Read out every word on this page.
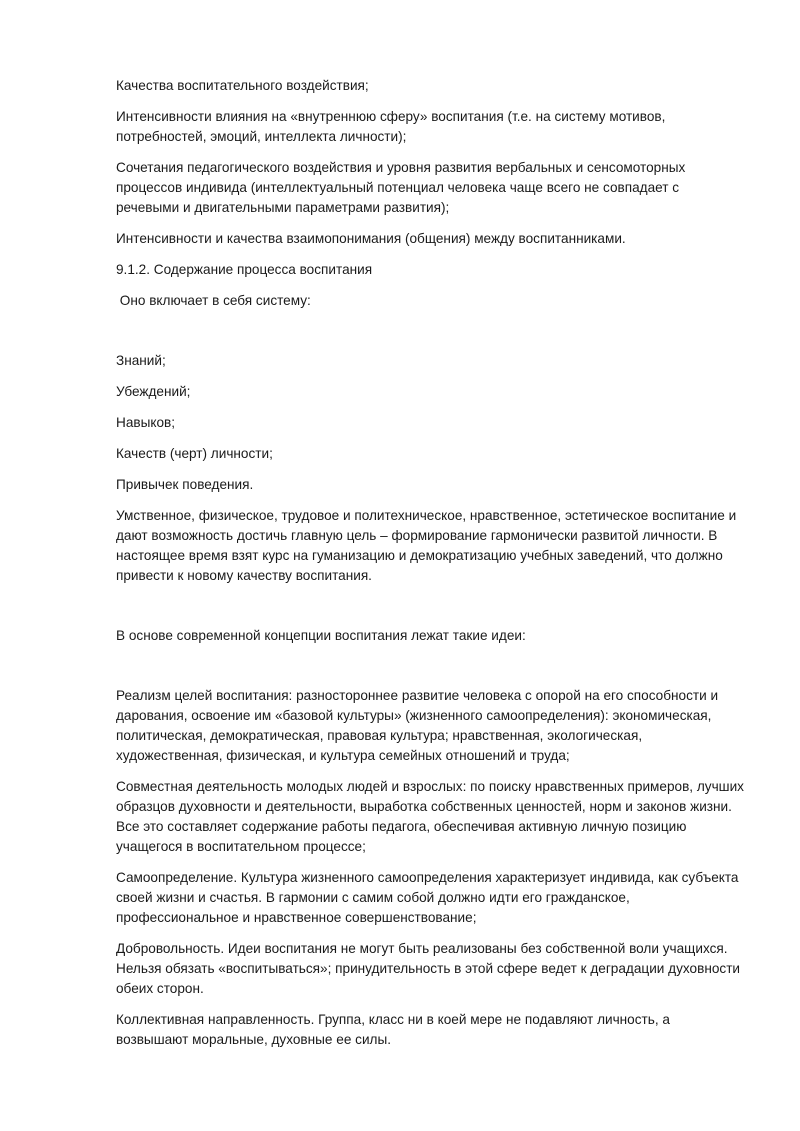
Качества воспитательного воздействия;

Интенсивности влияния на «внутреннюю сферу» воспитания (т.е. на систему мотивов, потребностей, эмоций, интеллекта личности);

Сочетания педагогического воздействия и уровня развития вербальных и сенсомоторных процессов индивида (интеллектуальный потенциал человека чаще всего не совпадает с речевыми и двигательными параметрами развития);

Интенсивности и качества взаимопонимания (общения) между воспитанниками.

9.1.2. Содержание процесса воспитания

Оно включает в себя систему:

Знаний;

Убеждений;

Навыков;

Качеств (черт) личности;

Привычек поведения.

Умственное, физическое, трудовое и политехническое, нравственное, эстетическое воспитание и дают возможность достичь главную цель – формирование гармонически развитой личности. В настоящее время взят курс на гуманизацию и демократизацию учебных заведений, что должно привести к новому качеству воспитания.

В основе современной концепции воспитания лежат такие идеи:

Реализм целей воспитания: разностороннее развитие человека с опорой на его способности и дарования, освоение им «базовой культуры» (жизненного самоопределения): экономическая, политическая, демократическая, правовая культура; нравственная, экологическая, художественная, физическая, и культура семейных отношений и труда;

Совместная деятельность молодых людей и взрослых: по поиску нравственных примеров, лучших образцов духовности и деятельности, выработка собственных ценностей, норм и законов жизни. Все это составляет содержание работы педагога, обеспечивая активную личную позицию учащегося в воспитательном процессе;

Самоопределение. Культура жизненного самоопределения характеризует индивида, как субъекта своей жизни и счастья. В гармонии с самим собой должно идти его гражданское, профессиональное и нравственное совершенствование;

Добровольность. Идеи воспитания не могут быть реализованы без собственной воли учащихся. Нельзя обязать «воспитываться»; принудительность в этой сфере ведет к деградации духовности обеих сторон.

Коллективная направленность. Группа, класс ни в коей мере не подавляют личность, а возвышают моральные, духовные ее силы.
